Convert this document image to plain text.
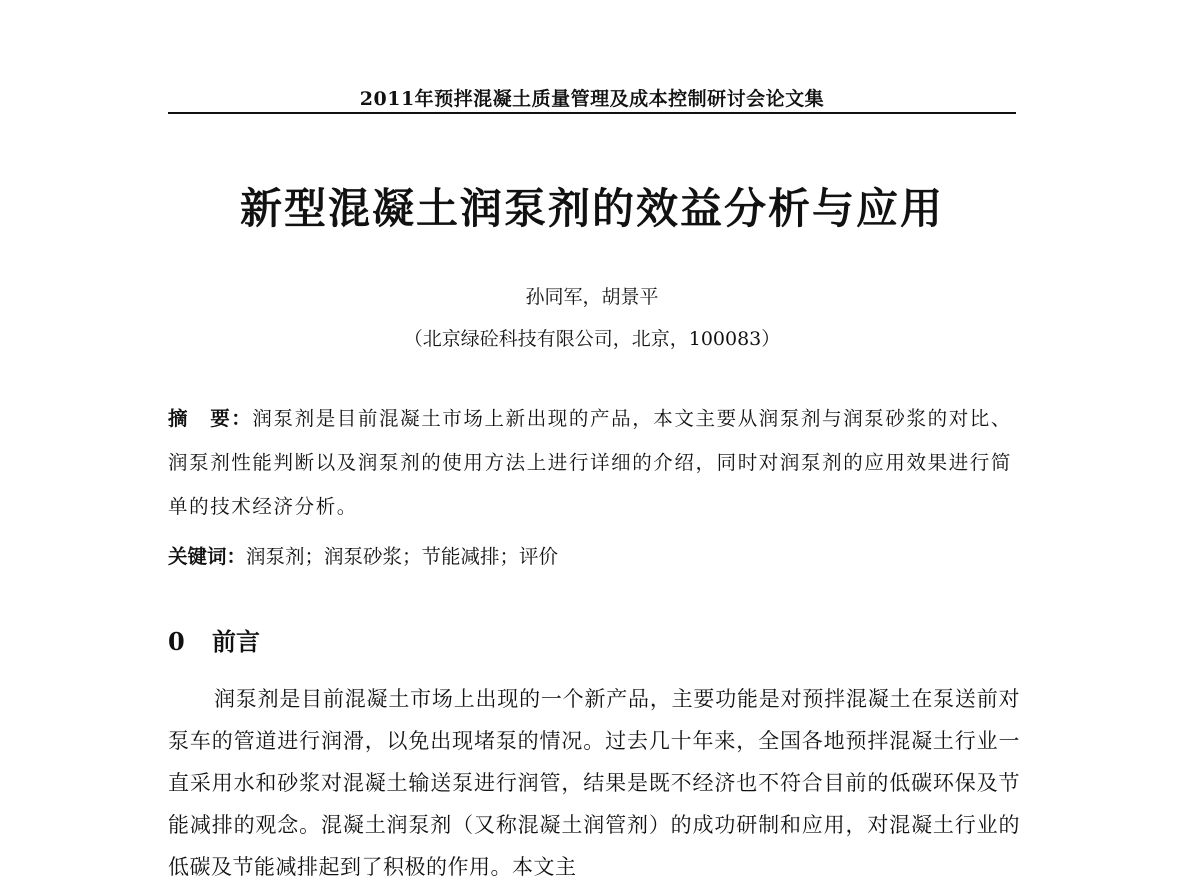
2011年预拌混凝土质量管理及成本控制研讨会论文集
新型混凝土润泵剂的效益分析与应用
孙同军，胡景平
（北京绿砼科技有限公司，北京，100083）
摘　要：润泵剂是目前混凝土市场上新出现的产品，本文主要从润泵剂与润泵砂浆的对比、润泵剂性能判断以及润泵剂的使用方法上进行详细的介绍，同时对润泵剂的应用效果进行简单的技术经济分析。
关键词：润泵剂；润泵砂浆；节能减排；评价
0 前言
润泵剂是目前混凝土市场上出现的一个新产品，主要功能是对预拌混凝土在泵送前对泵车的管道进行润滑，以免出现堵泵的情况。过去几十年来，全国各地预拌混凝土行业一直采用水和砂浆对混凝土输送泵进行润管，结果是既不经济也不符合目前的低碳环保及节能减排的观念。混凝土润泵剂（又称混凝土润管剂）的成功研制和应用，对混凝土行业的低碳及节能减排起到了积极的作用。本文主
